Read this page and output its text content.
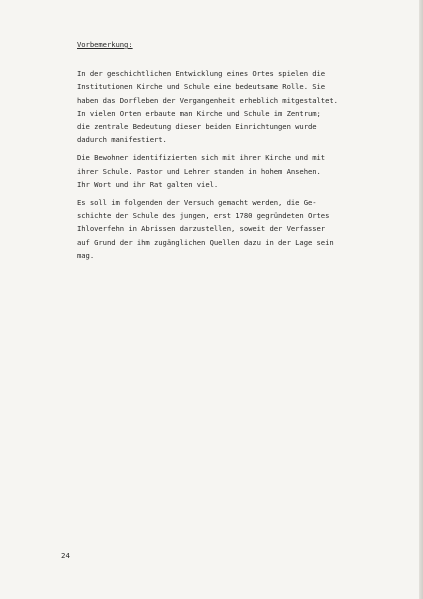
Vorbemerkung:
In der geschichtlichen Entwicklung eines Ortes spielen die
Institutionen Kirche und Schule eine bedeutsame Rolle. Sie
haben das Dorfleben der Vergangenheit erheblich mitgestaltet.
In vielen Orten erbaute man Kirche und Schule im Zentrum;
die zentrale Bedeutung dieser beiden Einrichtungen wurde
dadurch manifestiert.
Die Bewohner identifizierten sich mit ihrer Kirche und mit
ihrer Schule. Pastor und Lehrer standen in hohem Ansehen.
Ihr Wort und ihr Rat galten viel.
Es soll im folgenden der Versuch gemacht werden, die Ge-
schichte der Schule des jungen, erst 1780 gegründeten Ortes
Ihloverfehn in Abrissen darzustellen, soweit der Verfasser
auf Grund der ihm zugänglichen Quellen dazu in der Lage sein
mag.
24
